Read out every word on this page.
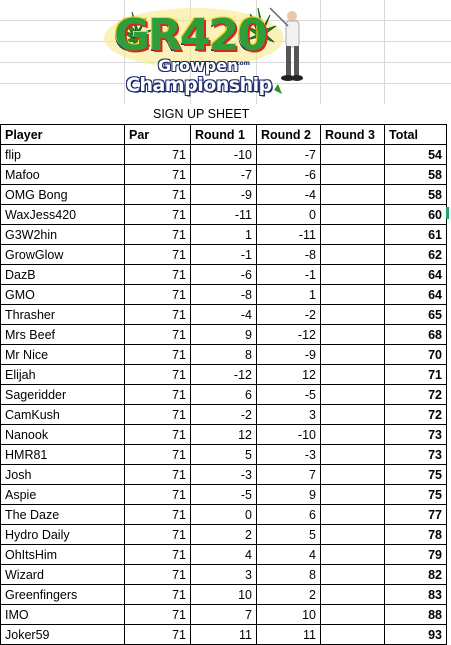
GR420
Growpen
com
Championship
SIGN UP SHEET
Player	Par	Round 1	Round 2	Round 3	Total
flip	71	-10	-7		54
Mafoo	71	-7	-6		58
OMG Bong	71	-9	-4		58
WaxJess420	71	-11	0		60
G3W2hin	71	1	-11		61
GrowGlow	71	-1	-8		62
DazB	71	-6	-1		64
GMO	71	-8	1		64
Thrasher	71	-4	-2		65
Mrs Beef	71	9	-12		68
Mr Nice	71	8	-9		70
Elijah	71	-12	12		71
Sageridder	71	6	-5		72
CamKush	71	-2	3		72
Nanook	71	12	-10		73
HMR81	71	5	-3		73
Josh	71	-3	7		75
Aspie	71	-5	9		75
The Daze	71	0	6		77
Hydro Daily	71	2	5		78
OhItsHim	71	4	4		79
Wizard	71	3	8		82
Greenfingers	71	10	2		83
IMO	71	7	10		88
Joker59	71	11	11		93
